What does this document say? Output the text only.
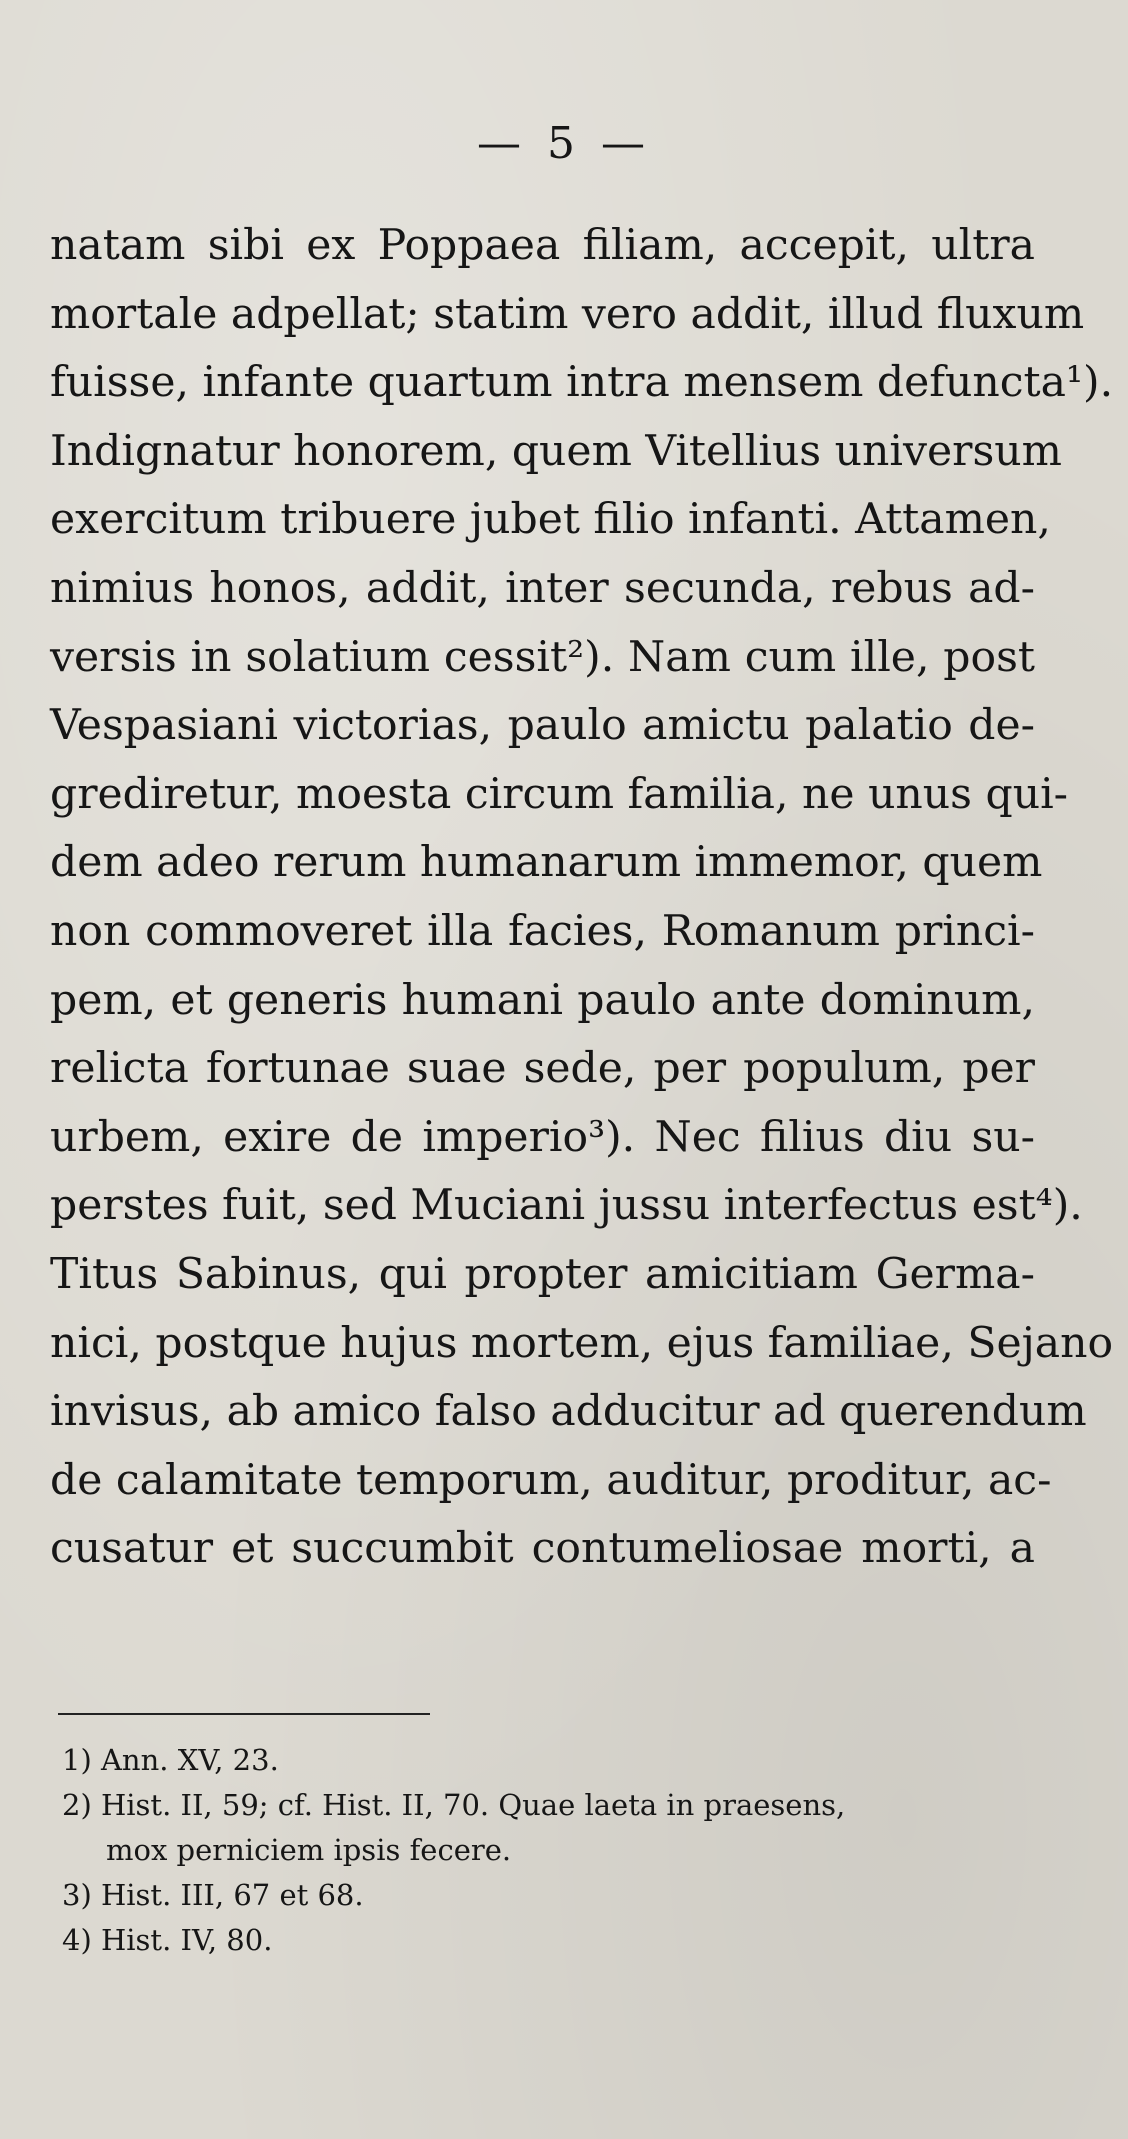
— 5 —
natam sibi ex Poppaea filiam, accepit, ultra
mortale adpellat; statim vero addit, illud fluxum
fuisse, infante quartum intra mensem defuncta¹).
Indignatur honorem, quem Vitellius universum
exercitum tribuere jubet filio infanti. Attamen,
nimius honos, addit, inter secunda, rebus ad-
versis in solatium cessit²). Nam cum ille, post
Vespasiani victorias, paulo amictu palatio de-
grediretur, moesta circum familia, ne unus qui-
dem adeo rerum humanarum immemor, quem
non commoveret illa facies, Romanum princi-
pem, et generis humani paulo ante dominum,
relicta fortunae suae sede, per populum, per
urbem, exire de imperio³). Nec filius diu su-
perstes fuit, sed Muciani jussu interfectus est⁴).
Titus Sabinus, qui propter amicitiam Germa-
nici, postque hujus mortem, ejus familiae, Sejano
invisus, ab amico falso adducitur ad querendum
de calamitate temporum, auditur, proditur, ac-
cusatur et succumbit contumeliosae morti, a
1) Ann. XV, 23.
2) Hist. II, 59; cf. Hist. II, 70. Quae laeta in praesens,
mox perniciem ipsis fecere.
3) Hist. III, 67 et 68.
4) Hist. IV, 80.
